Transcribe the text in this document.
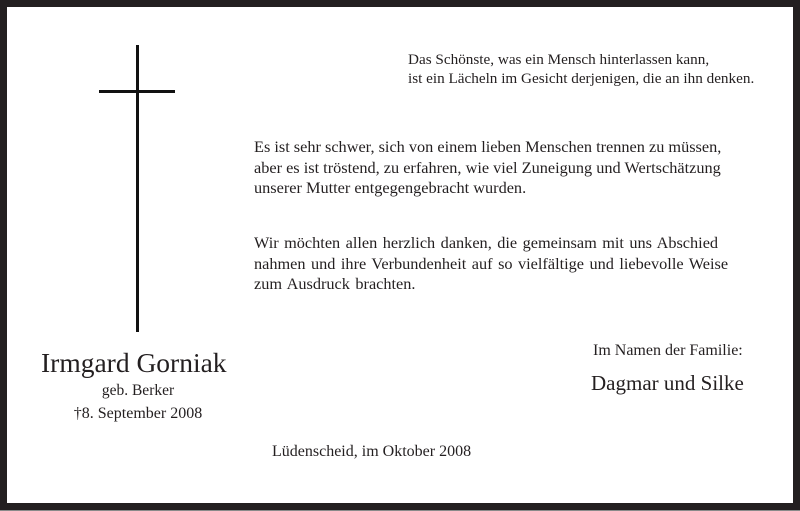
Das Schönste, was ein Mensch hinterlassen kann,
ist ein Lächeln im Gesicht derjenigen, die an ihn denken.
Es ist sehr schwer, sich von einem lieben Menschen trennen zu müssen,
aber es ist tröstend, zu erfahren, wie viel Zuneigung und Wertschätzung
unserer Mutter entgegengebracht wurden.
Wir möchten allen herzlich danken, die gemeinsam mit uns Abschied
nahmen und ihre Verbundenheit auf so vielfältige und liebevolle Weise
zum Ausdruck brachten.
Irmgard Gorniak
geb. Berker
†8. September 2008
Im Namen der Familie:
Dagmar und Silke
Lüdenscheid, im Oktober 2008
